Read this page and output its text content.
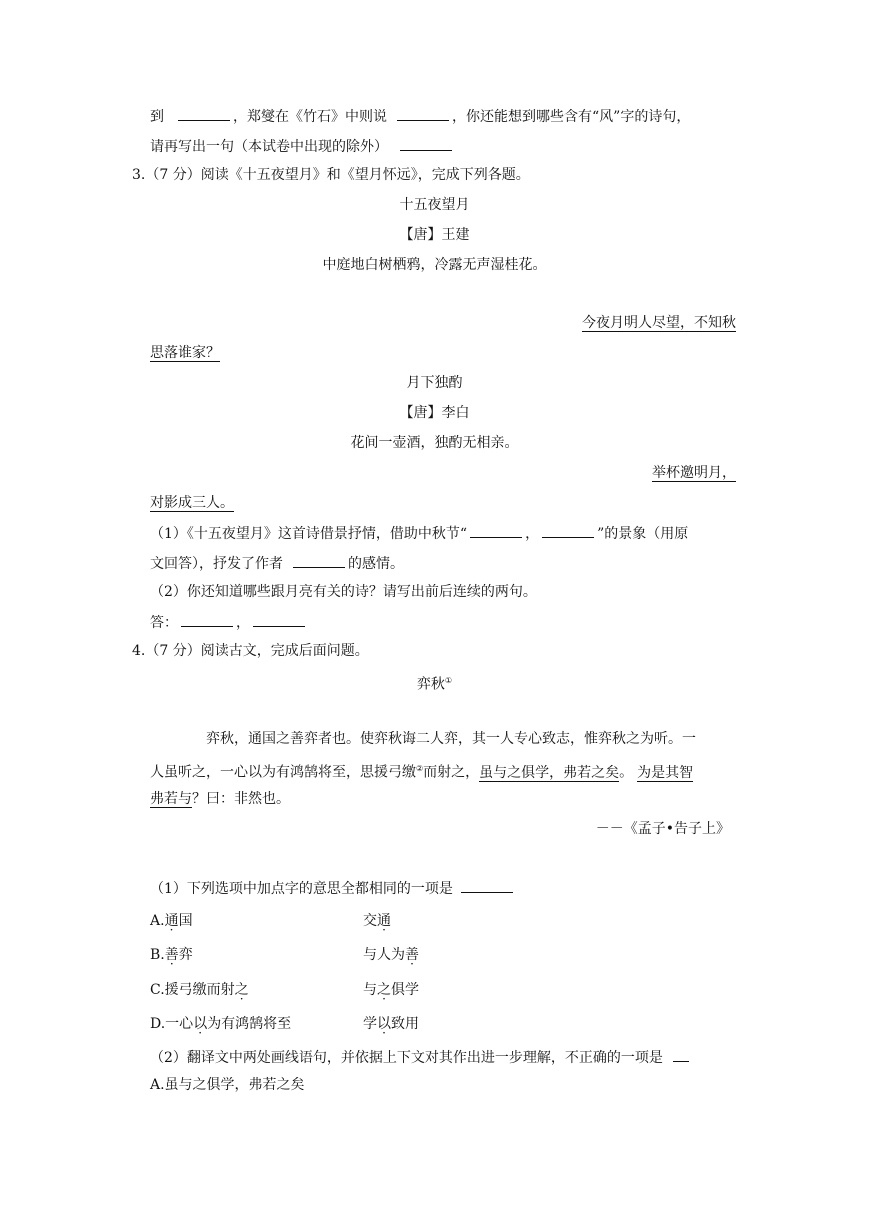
到	，郑燮在《竹石》中则说	，你还能想到哪些含有“风”字的诗句，
请再写出一句（本试卷中出现的除外）
3.（7 分）阅读《十五夜望月》和《望月怀远》，完成下列各题。
十五夜望月
【唐】王建
中庭地白树栖鸦，冷露无声湿桂花。
今夜月明人尽望，不知秋
思落谁家？
月下独酌
【唐】李白
花间一壶酒，独酌无相亲。
举杯邀明月，
对影成三人。
（1）《十五夜望月》这首诗借景抒情，借助中秋节“	，	”的景象（用原
文回答），抒发了作者	的感情。
（2）你还知道哪些跟月亮有关的诗？请写出前后连续的两句。
答：	，
4.（7 分）阅读古文，完成后面问题。
弈秋①
弈秋，通国之善弈者也。使弈秋诲二人弈，其一人专心致志，惟弈秋之为听。一
人虽听之，一心以为有鸿鹄将至，思援弓缴②而射之，虽与之俱学，弗若之矣。 为是其智
弗若与？曰：非然也。
－－《孟子•告子上》
（1）下列选项中加点字的意思全都相同的一项是
A.通国	交通
B.善弈	与人为善
C.援弓缴而射之	与之俱学
D.一心以为有鸿鹄将至	学以致用
（2）翻译文中两处画线语句，并依据上下文对其作出进一步理解，不正确的一项是
A.虽与之俱学，弗若之矣
